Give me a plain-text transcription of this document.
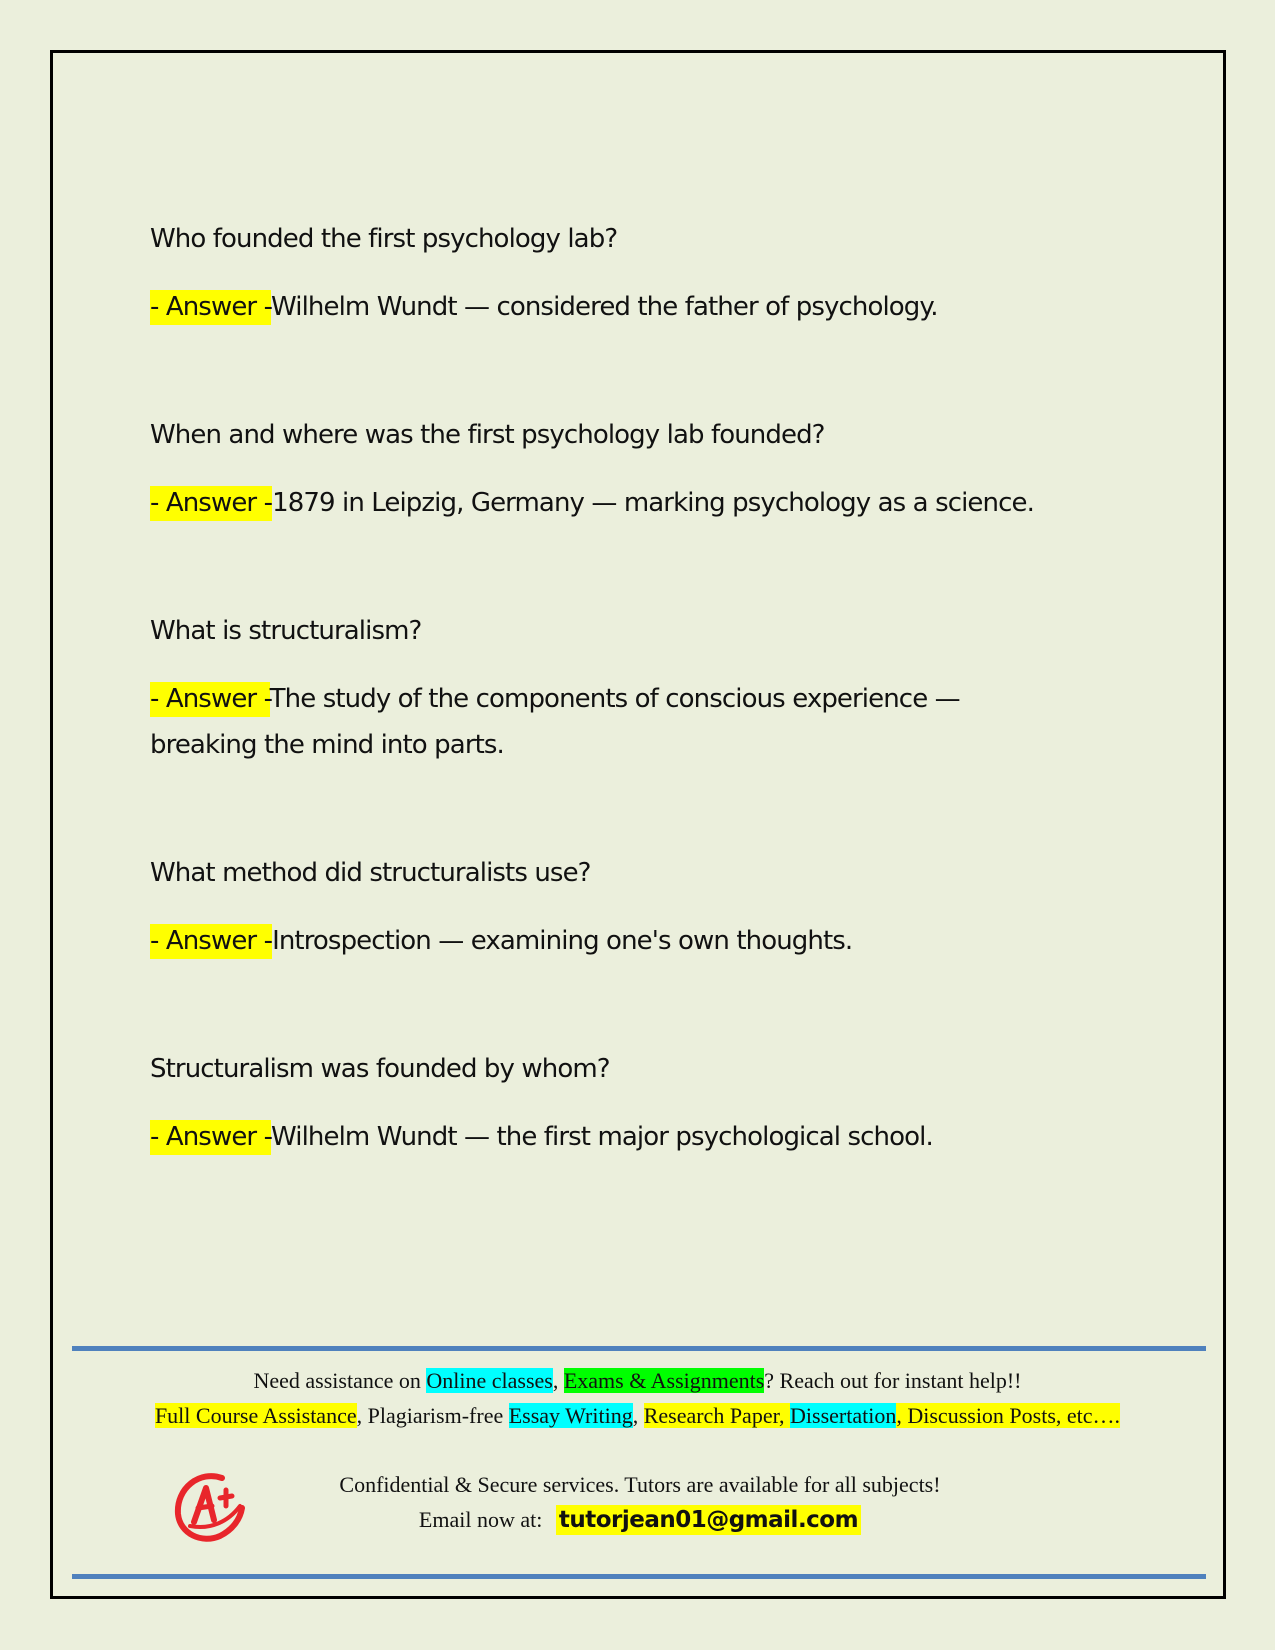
Who founded the first psychology lab?

- Answer -Wilhelm Wundt — considered the father of psychology.

When and where was the first psychology lab founded?

- Answer -1879 in Leipzig, Germany — marking psychology as a science.

What is structuralism?

- Answer -The study of the components of conscious experience — breaking the mind into parts.

What method did structuralists use?

- Answer -Introspection — examining one's own thoughts.

Structuralism was founded by whom?

- Answer -Wilhelm Wundt — the first major psychological school.

Need assistance on Online classes, Exams & Assignments? Reach out for instant help!!
Full Course Assistance, Plagiarism-free Essay Writing, Research Paper, Dissertation, Discussion Posts, etc….
Confidential & Secure services. Tutors are available for all subjects!
Email now at: tutorjean01@gmail.com
